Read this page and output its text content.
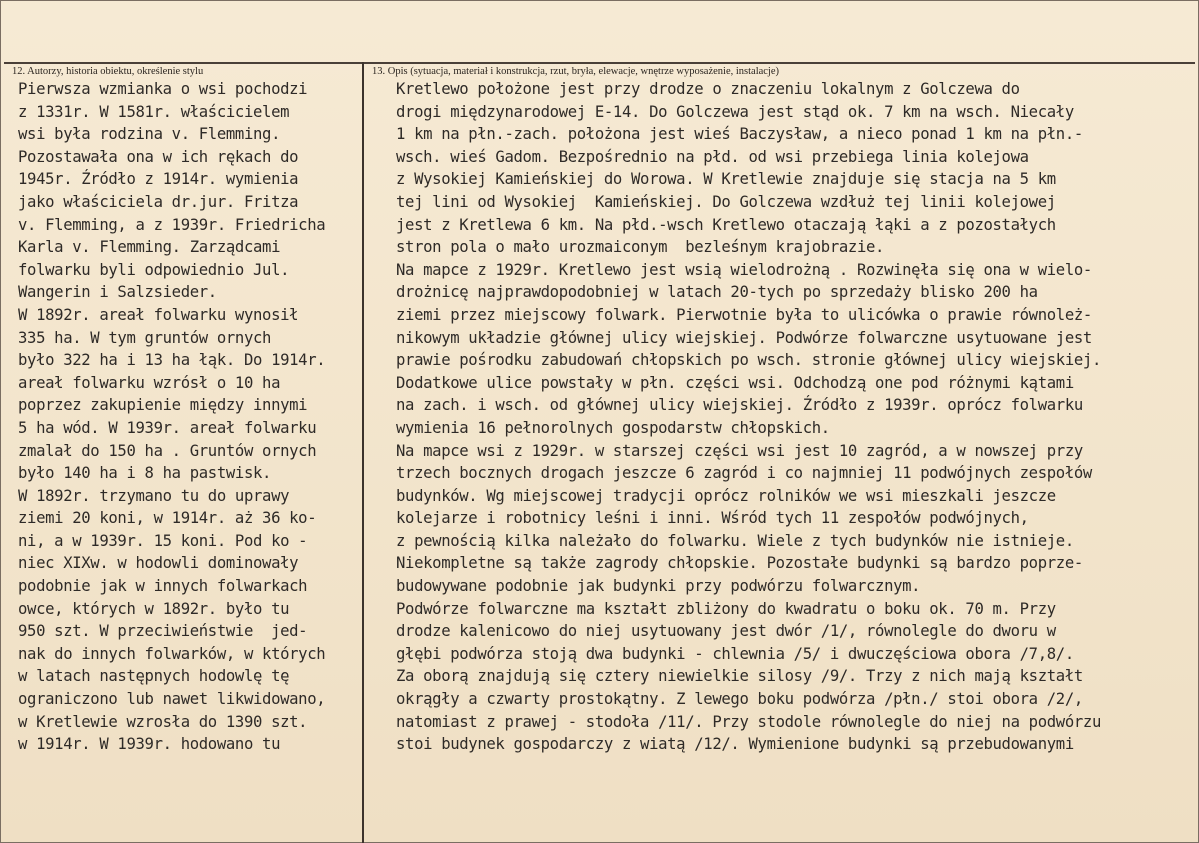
12. Autorzy, historia obiektu, określenie stylu	13. Opis (sytuacja, materiał i konstrukcja, rzut, bryła, elewacje, wnętrze wyposażenie, instalacje)
Pierwsza wzmianka o wsi pochodzi
z 1331r. W 1581r. właścicielem
wsi była rodzina v. Flemming.
Pozostawała ona w ich rękach do
1945r. Źródło z 1914r. wymienia
jako właściciela dr.jur. Fritza
v. Flemming, a z 1939r. Friedricha
Karla v. Flemming. Zarządcami
folwarku byli odpowiednio Jul.
Wangerin i Salzsieder.
W 1892r. areał folwarku wynosił
335 ha. W tym gruntów ornych
było 322 ha i 13 ha łąk. Do 1914r.
areał folwarku wzrósł o 10 ha
poprzez zakupienie między innymi
5 ha wód. W 1939r. areał folwarku
zmalał do 150 ha . Gruntów ornych
było 140 ha i 8 ha pastwisk.
W 1892r. trzymano tu do uprawy
ziemi 20 koni, w 1914r. aż 36 ko-
ni, a w 1939r. 15 koni. Pod ko -
niec XIXw. w hodowli dominowały
podobnie jak w innych folwarkach
owce, których w 1892r. było tu
950 szt. W przeciwieństwie  jed-
nak do innych folwarków, w których
w latach następnych hodowlę tę
ograniczono lub nawet likwidowano,
w Kretlewie wzrosła do 1390 szt.
w 1914r. W 1939r. hodowano tu
Kretlewo położone jest przy drodze o znaczeniu lokalnym z Golczewa do
drogi międzynarodowej E-14. Do Golczewa jest stąd ok. 7 km na wsch. Niecały
1 km na płn.-zach. położona jest wieś Baczysław, a nieco ponad 1 km na płn.-
wsch. wieś Gadom. Bezpośrednio na płd. od wsi przebiega linia kolejowa
z Wysokiej Kamieńskiej do Worowa. W Kretlewie znajduje się stacja na 5 km
tej lini od Wysokiej  Kamieńskiej. Do Golczewa wzdłuż tej linii kolejowej
jest z Kretlewa 6 km. Na płd.-wsch Kretlewo otaczają łąki a z pozostałych
stron pola o mało urozmaiconym  bezleśnym krajobrazie.
Na mapce z 1929r. Kretlewo jest wsią wielodrożną . Rozwinęła się ona w wielo-
drożnicę najprawdopodobniej w latach 20-tych po sprzedaży blisko 200 ha
ziemi przez miejscowy folwark. Pierwotnie była to ulicówka o prawie równoleż-
nikowym układzie głównej ulicy wiejskiej. Podwórze folwarczne usytuowane jest
prawie pośrodku zabudowań chłopskich po wsch. stronie głównej ulicy wiejskiej.
Dodatkowe ulice powstały w płn. części wsi. Odchodzą one pod różnymi kątami
na zach. i wsch. od głównej ulicy wiejskiej. Źródło z 1939r. oprócz folwarku
wymienia 16 pełnorolnych gospodarstw chłopskich.
Na mapce wsi z 1929r. w starszej części wsi jest 10 zagród, a w nowszej przy
trzech bocznych drogach jeszcze 6 zagród i co najmniej 11 podwójnych zespołów
budynków. Wg miejscowej tradycji oprócz rolników we wsi mieszkali jeszcze
kolejarze i robotnicy leśni i inni. Wśród tych 11 zespołów podwójnych,
z pewnością kilka należało do folwarku. Wiele z tych budynków nie istnieje.
Niekompletne są także zagrody chłopskie. Pozostałe budynki są bardzo poprze-
budowywane podobnie jak budynki przy podwórzu folwarcznym.
Podwórze folwarczne ma kształt zbliżony do kwadratu o boku ok. 70 m. Przy
drodze kalenicowo do niej usytuowany jest dwór /1/, równolegle do dworu w
głębi podwórza stoją dwa budynki - chlewnia /5/ i dwuczęściowa obora /7,8/.
Za oborą znajdują się cztery niewielkie silosy /9/. Trzy z nich mają kształt
okrągły a czwarty prostokątny. Z lewego boku podwórza /płn./ stoi obora /2/,
natomiast z prawej - stodoła /11/. Przy stodole równolegle do niej na podwórzu
stoi budynek gospodarczy z wiatą /12/. Wymienione budynki są przebudowanymi
